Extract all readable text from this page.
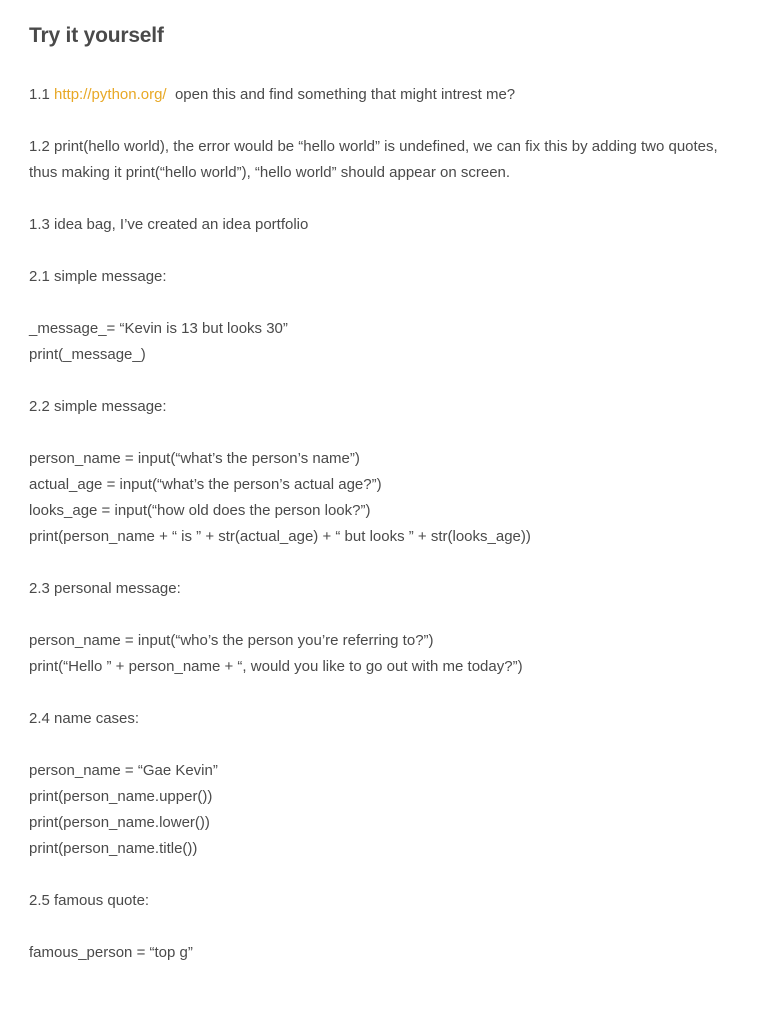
Try it yourself

1.1 http://python.org/  open this and find something that might intrest me?

1.2 print(hello world), the error would be “hello world” is undefined, we can fix this by adding two quotes, thus making it print(“hello world”), “hello world” should appear on screen.

1.3 idea bag, I’ve created an idea portfolio

2.1 simple message:

_message_= “Kevin is 13 but looks 30”

print(_message_)

2.2 simple message:

person_name = input(“what’s the person’s name”)

actual_age = input(“what’s the person’s actual age?”)

looks_age = input(“how old does the person look?”)

print(person_name + “ is ” + str(actual_age) + “ but looks ” + str(looks_age))

2.3 personal message:

person_name = input(“who’s the person you’re referring to?”)

print(“Hello ” + person_name + “, would you like to go out with me today?”)

2.4 name cases:

person_name = “Gae Kevin”

print(person_name.upper())

print(person_name.lower())

print(person_name.title())

2.5 famous quote:

famous_person = “top g”
